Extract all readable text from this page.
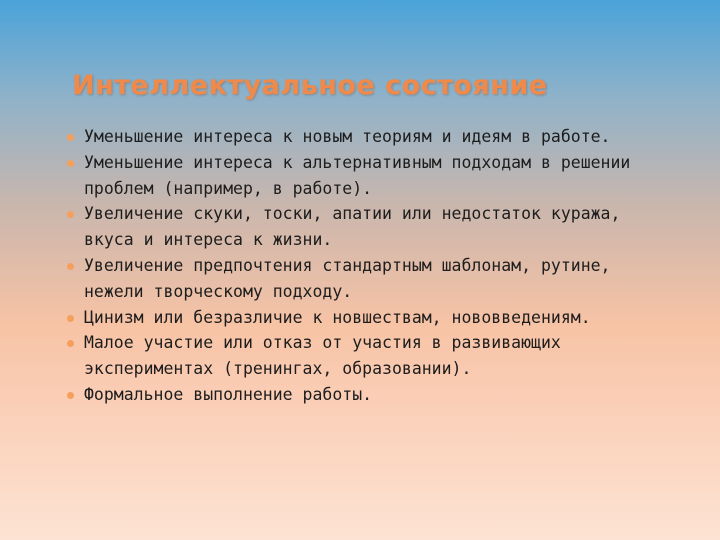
Интеллектуальное состояние
Уменьшение интереса к новым теориям и идеям в работе.
Уменьшение интереса к альтернативным подходам в решении проблем (например, в работе).
Увеличение скуки, тоски, апатии или недостаток куража, вкуса и интереса к жизни.
Увеличение предпочтения стандартным шаблонам, рутине, нежели творческому подходу.
Цинизм или безразличие к новшествам, нововведениям.
Малое участие или отказ от участия в развивающих экспериментах (тренингах, образовании).
Формальное выполнение работы.
